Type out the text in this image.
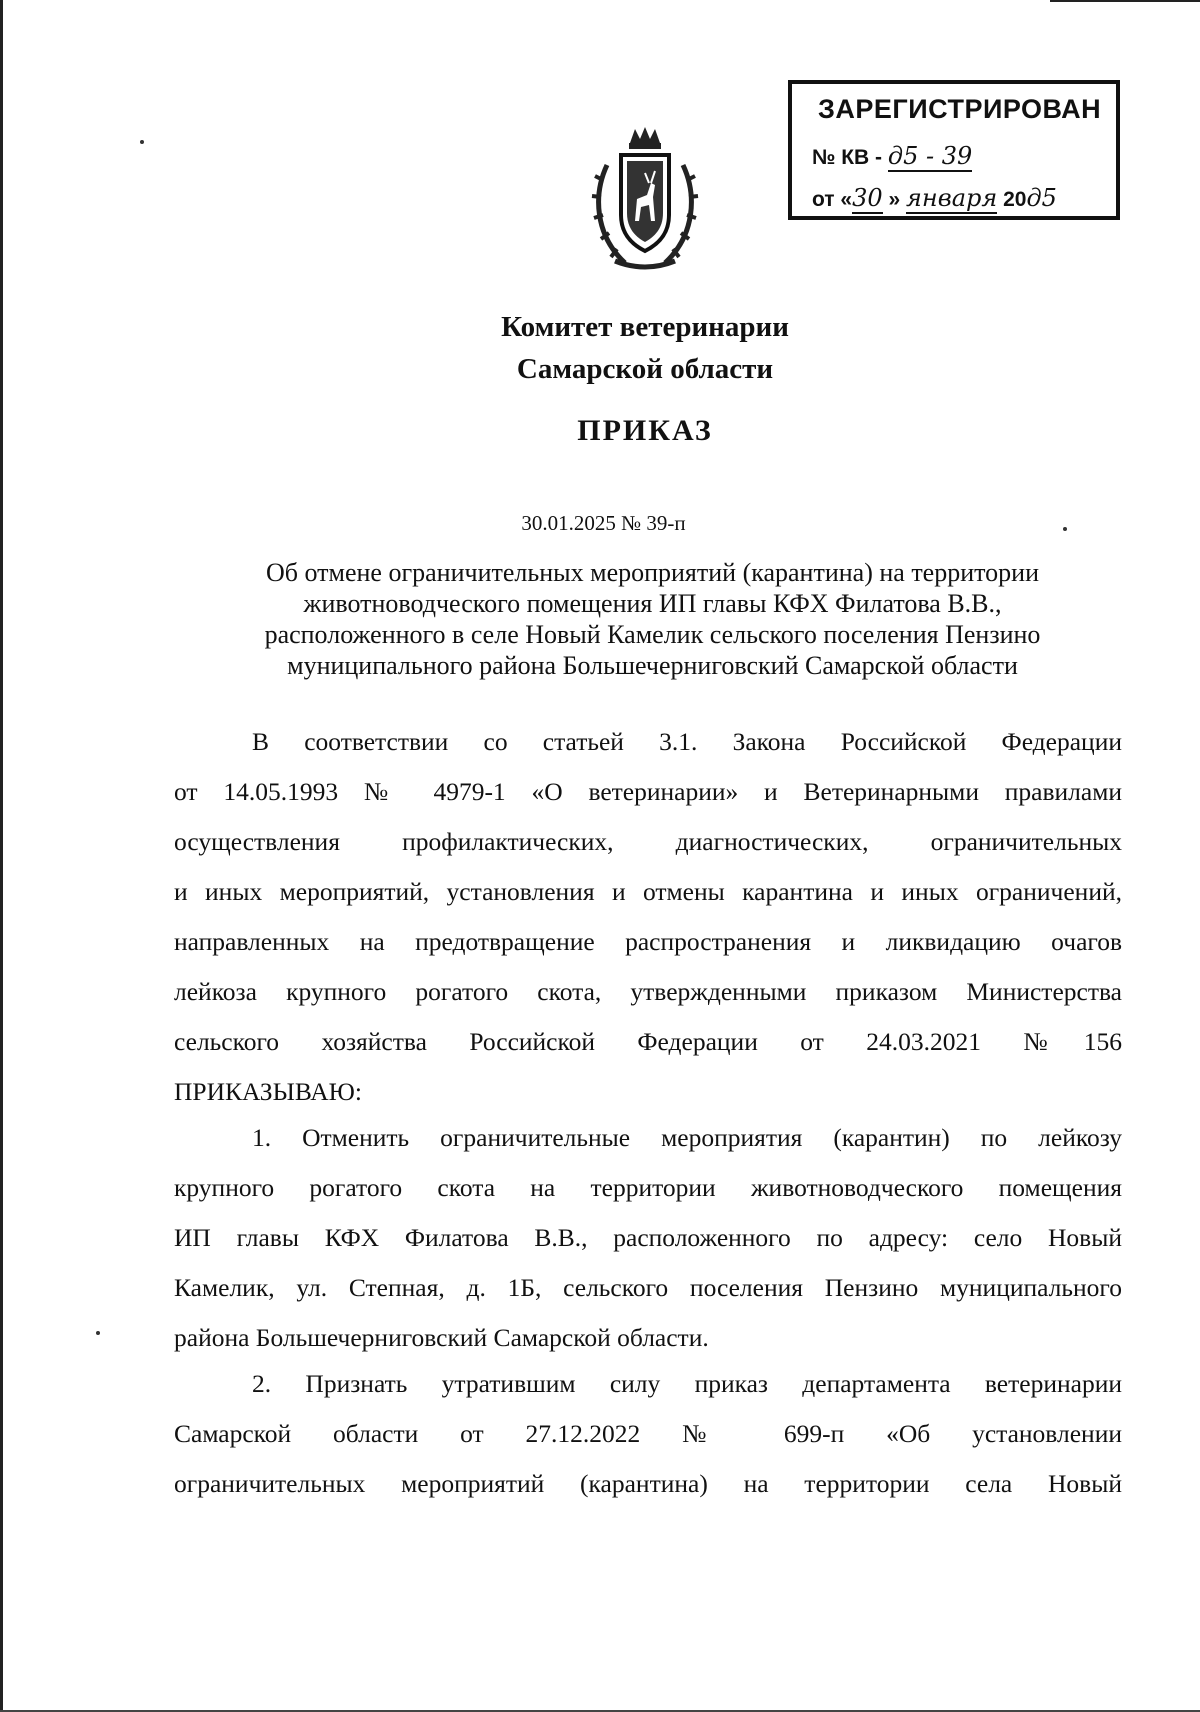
ЗАРЕГИСТРИРОВАН
№ КВ - д5 - 39
от «30 » января 20д5
Комитет ветеринарии
Самарской области
ПРИКАЗ
30.01.2025 № 39-п
Об отмене ограничительных мероприятий (карантина) на территории
животноводческого помещения ИП главы КФХ Филатова В.В.,
расположенного в селе Новый Камелик сельского поселения Пензино
муниципального района Большечерниговский Самарской области
В соответствии со статьей 3.1. Закона Российской Федерации
от 14.05.1993 № 4979-1 «О ветеринарии» и Ветеринарными правилами
осуществления профилактических, диагностических, ограничительных
и иных мероприятий, установления и отмены карантина и иных ограничений,
направленных на предотвращение распространения и ликвидацию очагов
лейкоза крупного рогатого скота, утвержденными приказом Министерства
сельского хозяйства Российской Федерации от 24.03.2021 №156
ПРИКАЗЫВАЮ:
1. Отменить ограничительные мероприятия (карантин) по лейкозу
крупного рогатого скота на территории животноводческого помещения
ИП главы КФХ Филатова В.В., расположенного по адресу: село Новый
Камелик, ул. Степная, д. 1Б, сельского поселения Пензино муниципального
района Большечерниговский Самарской области.
2. Признать утратившим силу приказ департамента ветеринарии
Самарской области от 27.12.2022 № 699-п «Об установлении
ограничительных мероприятий (карантина) на территории села Новый
